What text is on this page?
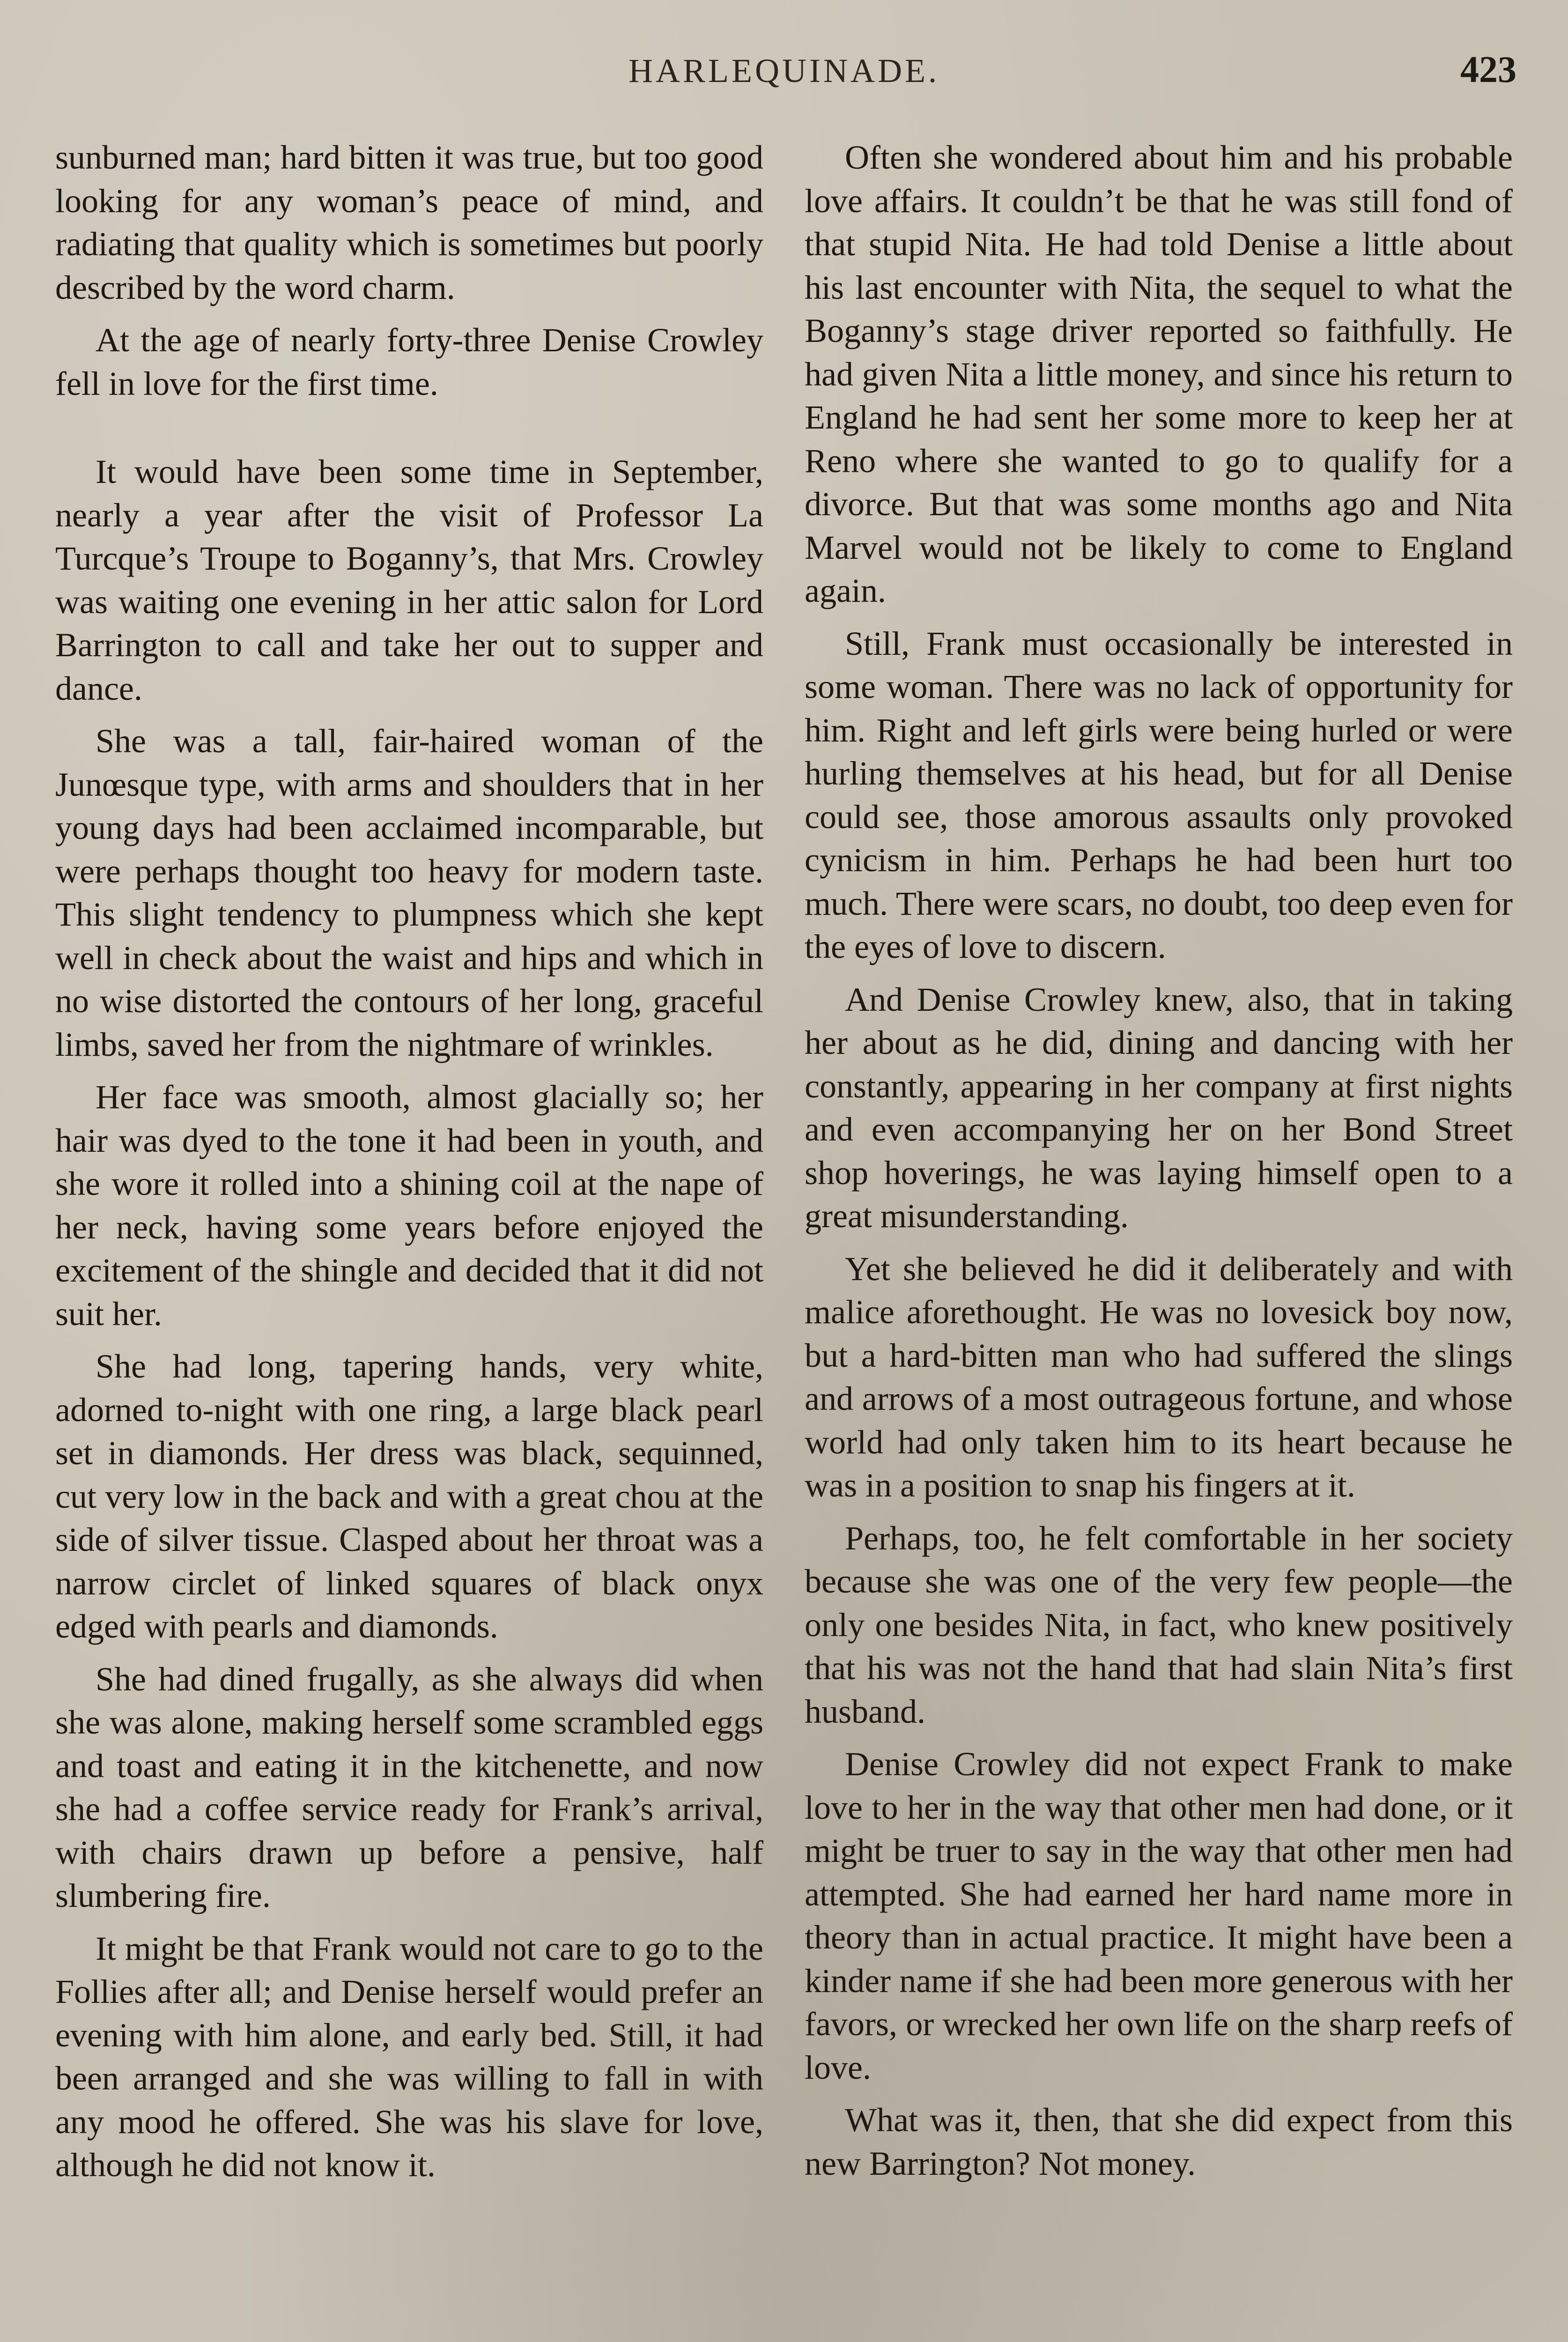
HARLEQUINADE.	423

sunburned man; hard bitten it was true, but too good looking for any woman’s peace of mind, and radiating that quality which is sometimes but poorly described by the word charm.

At the age of nearly forty-three Denise Crowley fell in love for the first time.

It would have been some time in September, nearly a year after the visit of Professor La Turcque’s Troupe to Boganny’s, that Mrs. Crowley was waiting one evening in her attic salon for Lord Barrington to call and take her out to supper and dance.

She was a tall, fair-haired woman of the Junœsque type, with arms and shoulders that in her young days had been acclaimed incomparable, but were perhaps thought too heavy for modern taste. This slight tendency to plumpness which she kept well in check about the waist and hips and which in no wise distorted the contours of her long, graceful limbs, saved her from the nightmare of wrinkles.

Her face was smooth, almost glacially so; her hair was dyed to the tone it had been in youth, and she wore it rolled into a shining coil at the nape of her neck, having some years before enjoyed the excitement of the shingle and decided that it did not suit her.

She had long, tapering hands, very white, adorned to-night with one ring, a large black pearl set in diamonds. Her dress was black, sequinned, cut very low in the back and with a great chou at the side of silver tissue. Clasped about her throat was a narrow circlet of linked squares of black onyx edged with pearls and diamonds.

She had dined frugally, as she always did when she was alone, making herself some scrambled eggs and toast and eating it in the kitchenette, and now she had a coffee service ready for Frank’s arrival, with chairs drawn up before a pensive, half slumbering fire.

It might be that Frank would not care to go to the Follies after all; and Denise herself would prefer an evening with him alone, and early bed. Still, it had been arranged and she was willing to fall in with any mood he offered. She was his slave for love, although he did not know it.

Often she wondered about him and his probable love affairs. It couldn’t be that he was still fond of that stupid Nita. He had told Denise a little about his last encounter with Nita, the sequel to what the Boganny’s stage driver reported so faithfully. He had given Nita a little money, and since his return to England he had sent her some more to keep her at Reno where she wanted to go to qualify for a divorce. But that was some months ago and Nita Marvel would not be likely to come to England again.

Still, Frank must occasionally be interested in some woman. There was no lack of opportunity for him. Right and left girls were being hurled or were hurling themselves at his head, but for all Denise could see, those amorous assaults only provoked cynicism in him. Perhaps he had been hurt too much. There were scars, no doubt, too deep even for the eyes of love to discern.

And Denise Crowley knew, also, that in taking her about as he did, dining and dancing with her constantly, appearing in her company at first nights and even accompanying her on her Bond Street shop hoverings, he was laying himself open to a great misunderstanding.

Yet she believed he did it deliberately and with malice aforethought. He was no lovesick boy now, but a hard-bitten man who had suffered the slings and arrows of a most outrageous fortune, and whose world had only taken him to its heart because he was in a position to snap his fingers at it.

Perhaps, too, he felt comfortable in her society because she was one of the very few people—the only one besides Nita, in fact, who knew positively that his was not the hand that had slain Nita’s first husband.

Denise Crowley did not expect Frank to make love to her in the way that other men had done, or it might be truer to say in the way that other men had attempted. She had earned her hard name more in theory than in actual practice. It might have been a kinder name if she had been more generous with her favors, or wrecked her own life on the sharp reefs of love.

What was it, then, that she did expect from this new Barrington? Not money.
